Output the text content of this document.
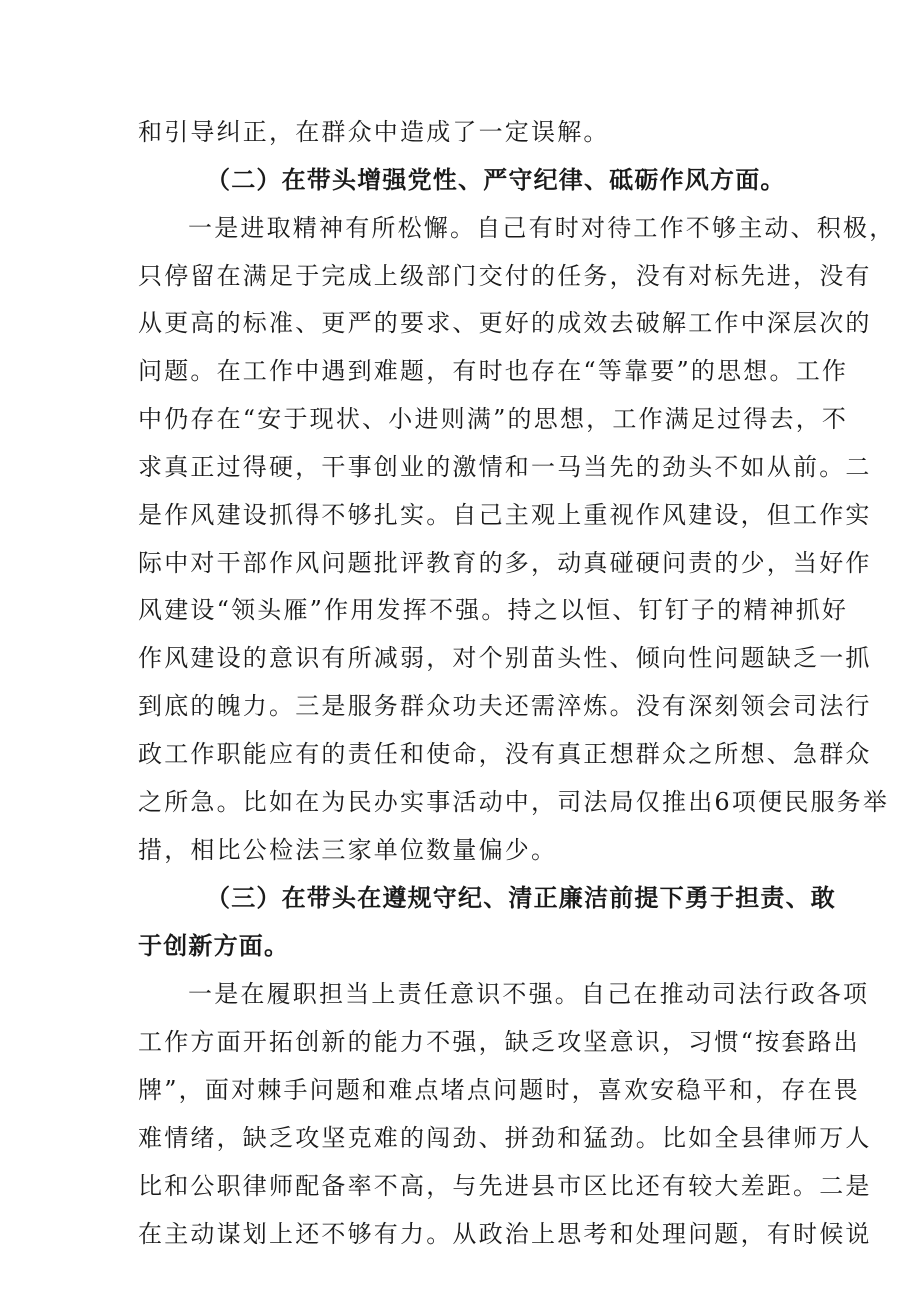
和引导纠正，在群众中造成了一定误解。
（二）在带头增强党性、严守纪律、砥砺作风方面。
一是进取精神有所松懈。自己有时对待工作不够主动、积极，
只停留在满足于完成上级部门交付的任务，没有对标先进，没有
从更高的标准、更严的要求、更好的成效去破解工作中深层次的
问题。在工作中遇到难题，有时也存在“等靠要”的思想。工作
中仍存在“安于现状、小进则满”的思想，工作满足过得去，不
求真正过得硬，干事创业的激情和一马当先的劲头不如从前。二
是作风建设抓得不够扎实。自己主观上重视作风建设，但工作实
际中对干部作风问题批评教育的多，动真碰硬问责的少，当好作
风建设“领头雁”作用发挥不强。持之以恒、钉钉子的精神抓好
作风建设的意识有所减弱，对个别苗头性、倾向性问题缺乏一抓
到底的魄力。三是服务群众功夫还需淬炼。没有深刻领会司法行
政工作职能应有的责任和使命，没有真正想群众之所想、急群众
之所急。比如在为民办实事活动中，司法局仅推出6项便民服务举
措，相比公检法三家单位数量偏少。
（三）在带头在遵规守纪、清正廉洁前提下勇于担责、敢
于创新方面。
一是在履职担当上责任意识不强。自己在推动司法行政各项
工作方面开拓创新的能力不强，缺乏攻坚意识，习惯“按套路出
牌”，面对棘手问题和难点堵点问题时，喜欢安稳平和，存在畏
难情绪，缺乏攻坚克难的闯劲、拼劲和猛劲。比如全县律师万人
比和公职律师配备率不高，与先进县市区比还有较大差距。二是
在主动谋划上还不够有力。从政治上思考和处理问题，有时候说
